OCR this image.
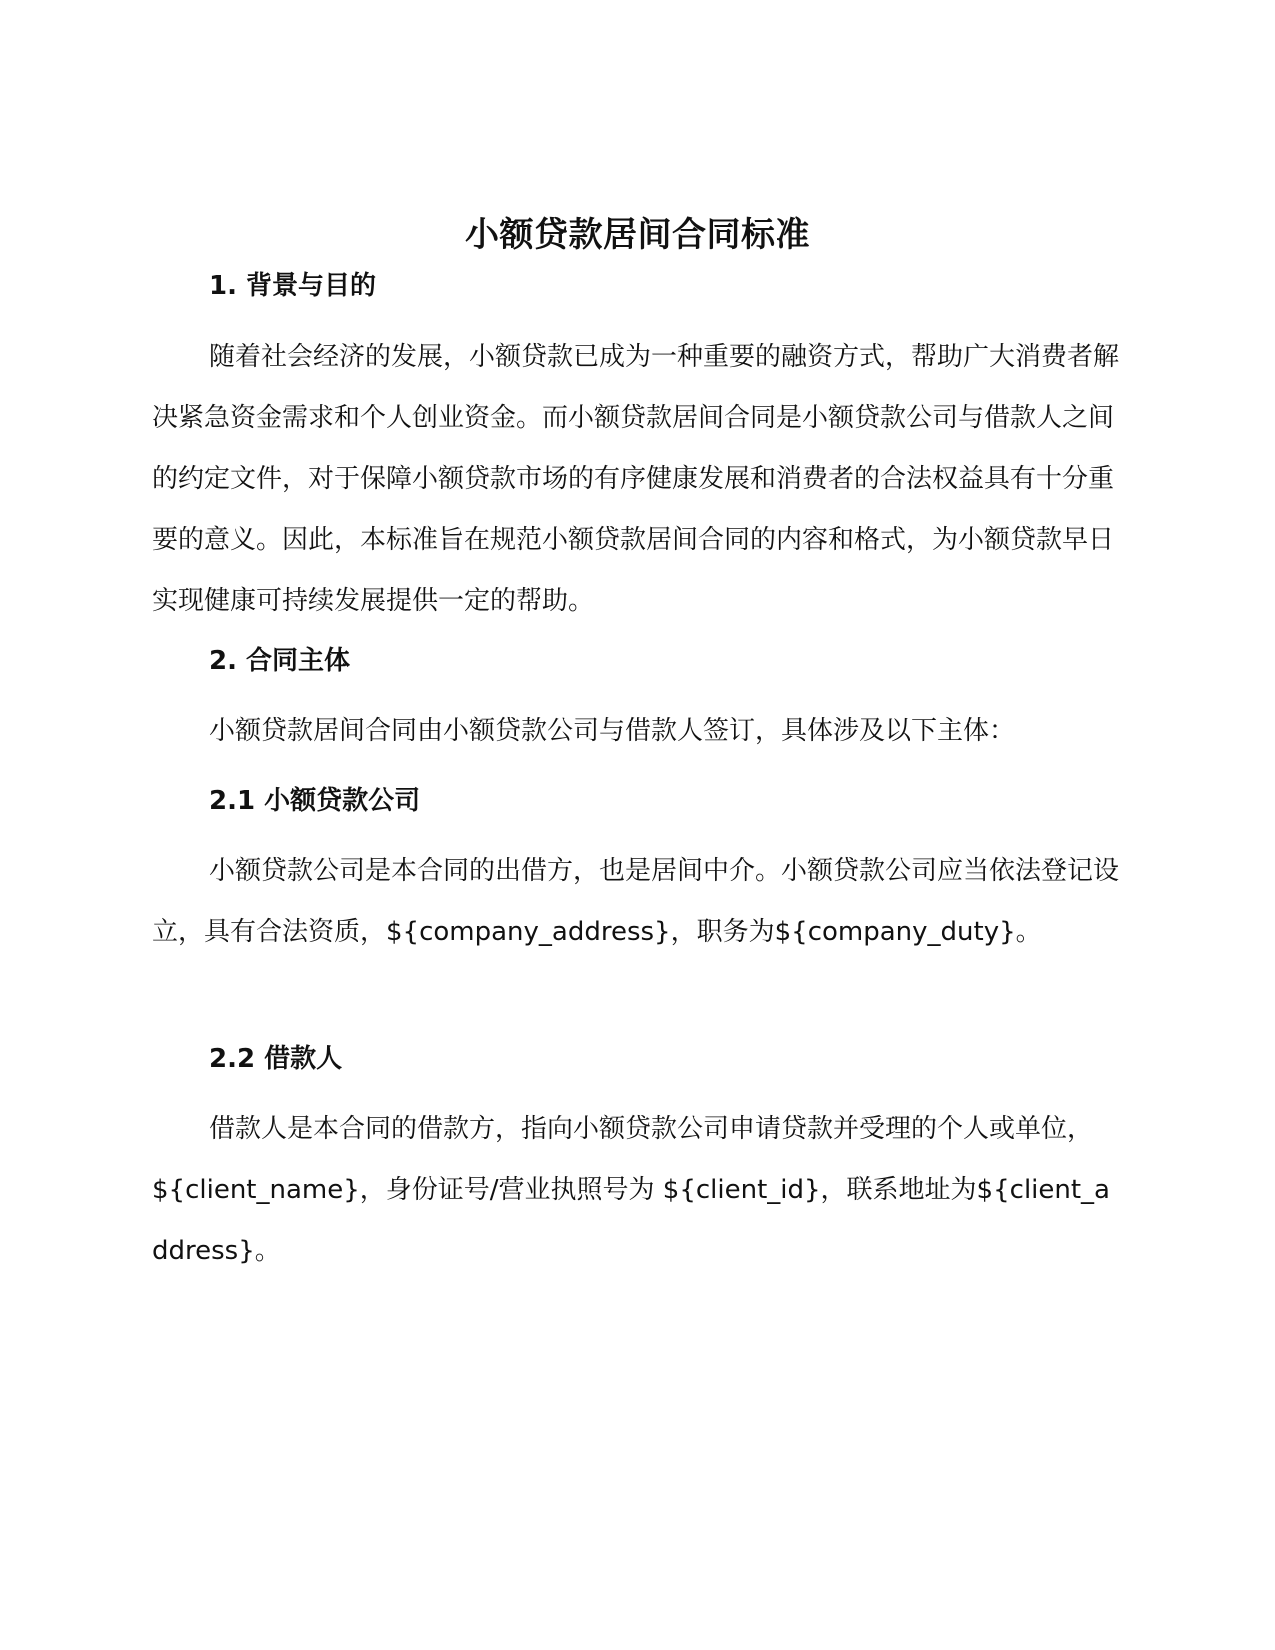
小额贷款居间合同标准
1. 背景与目的

随着社会经济的发展，小额贷款已成为一种重要的融资方式，帮助广大消费者解决紧急资金需求和个人创业资金。而小额贷款居间合同是小额贷款公司与借款人之间的约定文件，对于保障小额贷款市场的有序健康发展和消费者的合法权益具有十分重要的意义。因此，本标准旨在规范小额贷款居间合同的内容和格式，为小额贷款早日实现健康可持续发展提供一定的帮助。

2. 合同主体

小额贷款居间合同由小额贷款公司与借款人签订，具体涉及以下主体：

2.1 小额贷款公司

小额贷款公司是本合同的出借方，也是居间中介。小额贷款公司应当依法登记设立，具有合法资质，${company_address}，职务为${company_duty}。

2.2 借款人

借款人是本合同的借款方，指向小额贷款公司申请贷款并受理的个人或单位，${client_name}，身份证号/营业执照号为 ${client_id}，联系地址为${client_address}。
